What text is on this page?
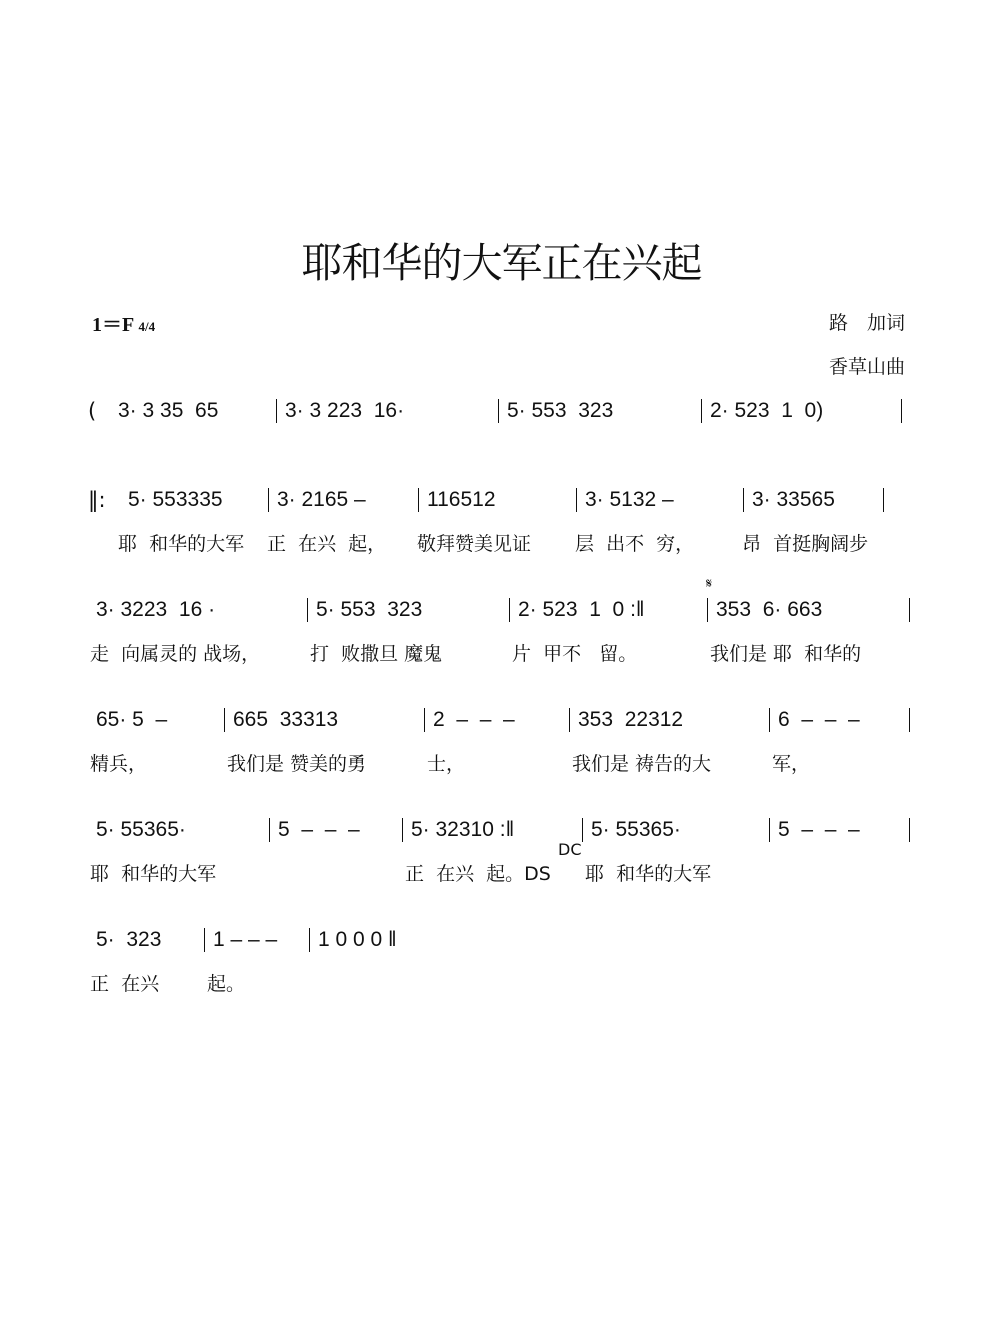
耶和华的大军正在兴起
1＝F 4/4	路　加词
香草山曲
𝄋
DC
(	3· 3 35  65	3· 3 223  16·	5· 553  323	2· 523  1  0)
‖:	5· 553335	3· 2165 –	116512	3· 5132 –	3· 33565
耶  和华的大军	正  在兴  起，	敬拜赞美见证	层  出不  穷，	昂  首挺胸阔步
3· 3223  16 ·	5· 553  323	2· 523  1  0 :‖	353  6· 663
走  向属灵的 战场，	打  败撒旦 魔鬼	片  甲不   留。	我们是 耶  和华的
65· 5  –	665  33313	2  –  –  –	353  22312	6  –  –  –
精兵，	我们是 赞美的勇	士，	我们是 祷告的大	军，
5· 55365·	5  –  –  –	5· 32310 :‖	5· 55365·	5  –  –  –
耶  和华的大军	正  在兴  起。DS	耶  和华的大军
5·  323	1 – – –	1 0 0 0 ‖
正  在兴	起。
